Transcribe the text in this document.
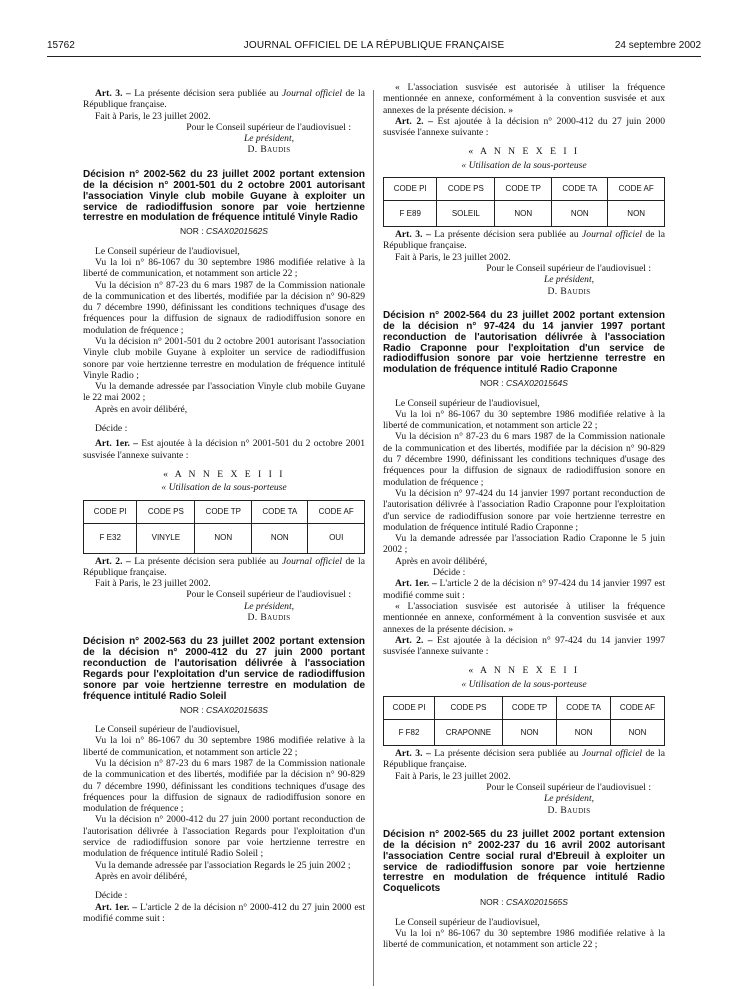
15762	JOURNAL OFFICIEL DE LA RÉPUBLIQUE FRANÇAISE	24 septembre 2002

Art. 3. – La présente décision sera publiée au Journal officiel de la République française.

Fait à Paris, le 23 juillet 2002.

Pour le Conseil supérieur de l'audiovisuel :

Le président,

D. Baudis

Décision n° 2002-562 du 23 juillet 2002 portant extension de la décision n° 2001-501 du 2 octobre 2001 autorisant l'association Vinyle club mobile Guyane à exploiter un service de radiodiffusion sonore par voie hertzienne terrestre en modulation de fréquence intitulé Vinyle Radio
NOR : CSAX0201562S

Le Conseil supérieur de l'audiovisuel,

Vu la loi n° 86-1067 du 30 septembre 1986 modifiée relative à la liberté de communication, et notamment son article 22 ;

Vu la décision n° 87-23 du 6 mars 1987 de la Commission nationale de la communication et des libertés, modifiée par la décision n° 90-829 du 7 décembre 1990, définissant les conditions techniques d'usage des fréquences pour la diffusion de signaux de radiodiffusion sonore en modulation de fréquence ;

Vu la décision n° 2001-501 du 2 octobre 2001 autorisant l'association Vinyle club mobile Guyane à exploiter un service de radiodiffusion sonore par voie hertzienne terrestre en modulation de fréquence intitulé Vinyle Radio ;

Vu la demande adressée par l'association Vinyle club mobile Guyane le 22 mai 2002 ;

Après en avoir délibéré,

Décide :

Art. 1er. – Est ajoutée à la décision n° 2001-501 du 2 octobre 2001 susvisée l'annexe suivante :

« A N N E X E I I I
« Utilisation de la sous-porteuse
CODE PI	CODE PS	CODE TP	CODE TA	CODE AF
F E32	VINYLE	NON	NON	OUI

Art. 2. – La présente décision sera publiée au Journal officiel de la République française.

Fait à Paris, le 23 juillet 2002.

Pour le Conseil supérieur de l'audiovisuel :

Le président,

D. Baudis

Décision n° 2002-563 du 23 juillet 2002 portant extension de la décision n° 2000-412 du 27 juin 2000 portant reconduction de l'autorisation délivrée à l'association Regards pour l'exploitation d'un service de radiodiffusion sonore par voie hertzienne terrestre en modulation de fréquence intitulé Radio Soleil
NOR : CSAX0201563S

Le Conseil supérieur de l'audiovisuel,

Vu la loi n° 86-1067 du 30 septembre 1986 modifiée relative à la liberté de communication, et notamment son article 22 ;

Vu la décision n° 87-23 du 6 mars 1987 de la Commission nationale de la communication et des libertés, modifiée par la décision n° 90-829 du 7 décembre 1990, définissant les conditions techniques d'usage des fréquences pour la diffusion de signaux de radiodiffusion sonore en modulation de fréquence ;

Vu la décision n° 2000-412 du 27 juin 2000 portant reconduction de l'autorisation délivrée à l'association Regards pour l'exploitation d'un service de radiodiffusion sonore par voie hertzienne terrestre en modulation de fréquence intitulé Radio Soleil ;

Vu la demande adressée par l'association Regards le 25 juin 2002 ;

Après en avoir délibéré,

Décide :

Art. 1er. – L'article 2 de la décision n° 2000-412 du 27 juin 2000 est modifié comme suit :

« L'association susvisée est autorisée à utiliser la fréquence mentionnée en annexe, conformément à la convention susvisée et aux annexes de la présente décision. »

Art. 2. – Est ajoutée à la décision n° 2000-412 du 27 juin 2000 susvisée l'annexe suivante :

« A N N E X E I I
« Utilisation de la sous-porteuse
CODE PI	CODE PS	CODE TP	CODE TA	CODE AF
F E89	SOLEIL	NON	NON	NON

Art. 3. – La présente décision sera publiée au Journal officiel de la République française.

Fait à Paris, le 23 juillet 2002.

Pour le Conseil supérieur de l'audiovisuel :

Le président,

D. Baudis

Décision n° 2002-564 du 23 juillet 2002 portant extension de la décision n° 97-424 du 14 janvier 1997 portant reconduction de l'autorisation délivrée à l'association Radio Craponne pour l'exploitation d'un service de radiodiffusion sonore par voie hertzienne terrestre en modulation de fréquence intitulé Radio Craponne
NOR : CSAX0201564S

Le Conseil supérieur de l'audiovisuel,

Vu la loi n° 86-1067 du 30 septembre 1986 modifiée relative à la liberté de communication, et notamment son article 22 ;

Vu la décision n° 87-23 du 6 mars 1987 de la Commission nationale de la communication et des libertés, modifiée par la décision n° 90-829 du 7 décembre 1990, définissant les conditions techniques d'usage des fréquences pour la diffusion de signaux de radiodiffusion sonore en modulation de fréquence ;

Vu la décision n° 97-424 du 14 janvier 1997 portant reconduction de l'autorisation délivrée à l'association Radio Craponne pour l'exploitation d'un service de radiodiffusion sonore par voie hertzienne terrestre en modulation de fréquence intitulé Radio Craponne ;

Vu la demande adressée par l'association Radio Craponne le 5 juin 2002 ;

Après en avoir délibéré,

Décide :

Art. 1er. – L'article 2 de la décision n° 97-424 du 14 janvier 1997 est modifié comme suit :

« L'association susvisée est autorisée à utiliser la fréquence mentionnée en annexe, conformément à la convention susvisée et aux annexes de la présente décision. »

Art. 2. – Est ajoutée à la décision n° 97-424 du 14 janvier 1997 susvisée l'annexe suivante :

« A N N E X E I I
« Utilisation de la sous-porteuse
CODE PI	CODE PS	CODE TP	CODE TA	CODE AF
F F82	CRAPONNE	NON	NON	NON

Art. 3. – La présente décision sera publiée au Journal officiel de la République française.

Fait à Paris, le 23 juillet 2002.

Pour le Conseil supérieur de l'audiovisuel :

Le président,

D. Baudis

Décision n° 2002-565 du 23 juillet 2002 portant extension de la décision n° 2002-237 du 16 avril 2002 autorisant l'association Centre social rural d'Ebreuil à exploiter un service de radiodiffusion sonore par voie hertzienne terrestre en modulation de fréquence intitulé Radio Coquelicots
NOR : CSAX0201565S

Le Conseil supérieur de l'audiovisuel,

Vu la loi n° 86-1067 du 30 septembre 1986 modifiée relative à la liberté de communication, et notamment son article 22 ;
